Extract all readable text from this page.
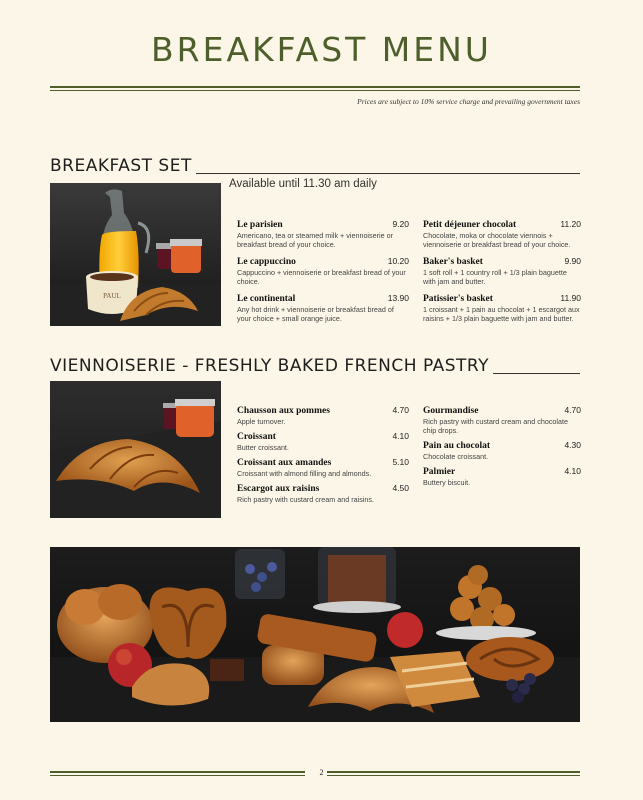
BREAKFAST MENU
Prices are subject to 10% service charge and prevailing government taxes
BREAKFAST SET
Available until 11.30 am daily
PAUL
Le parisien	9.20
Americano, tea or steamed milk + viennoiserie or breakfast bread of your choice.
Le cappuccino	10.20
Cappuccino + viennoiserie or breakfast bread of your choice.
Le continental	13.90
Any hot drink + viennoiserie or breakfast bread of your choice + small orange juice.
Petit déjeuner chocolat	11.20
Chocolate, moka or chocolate viennois + viennoiserie or breakfast bread of your choice.
Baker's basket	9.90
1 soft roll + 1 country roll + 1/3 plain baguette with jam and butter.
Patissier's basket	11.90
1 croissant + 1 pain au chocolat + 1 escargot aux raisins + 1/3 plain baguette with jam and butter.
VIENNOISERIE - FRESHLY BAKED FRENCH PASTRY
Chausson aux pommes	4.70
Apple turnover.
Croissant	4.10
Butter croissant.
Croissant aux amandes	5.10
Croissant with almond filling and almonds.
Escargot aux raisins	4.50
Rich pastry with custard cream and raisins.
Gourmandise	4.70
Rich pastry with custard cream and chocolate chip drops.
Pain au chocolat	4.30
Chocolate croissant.
Palmier	4.10
Buttery biscuit.
2
